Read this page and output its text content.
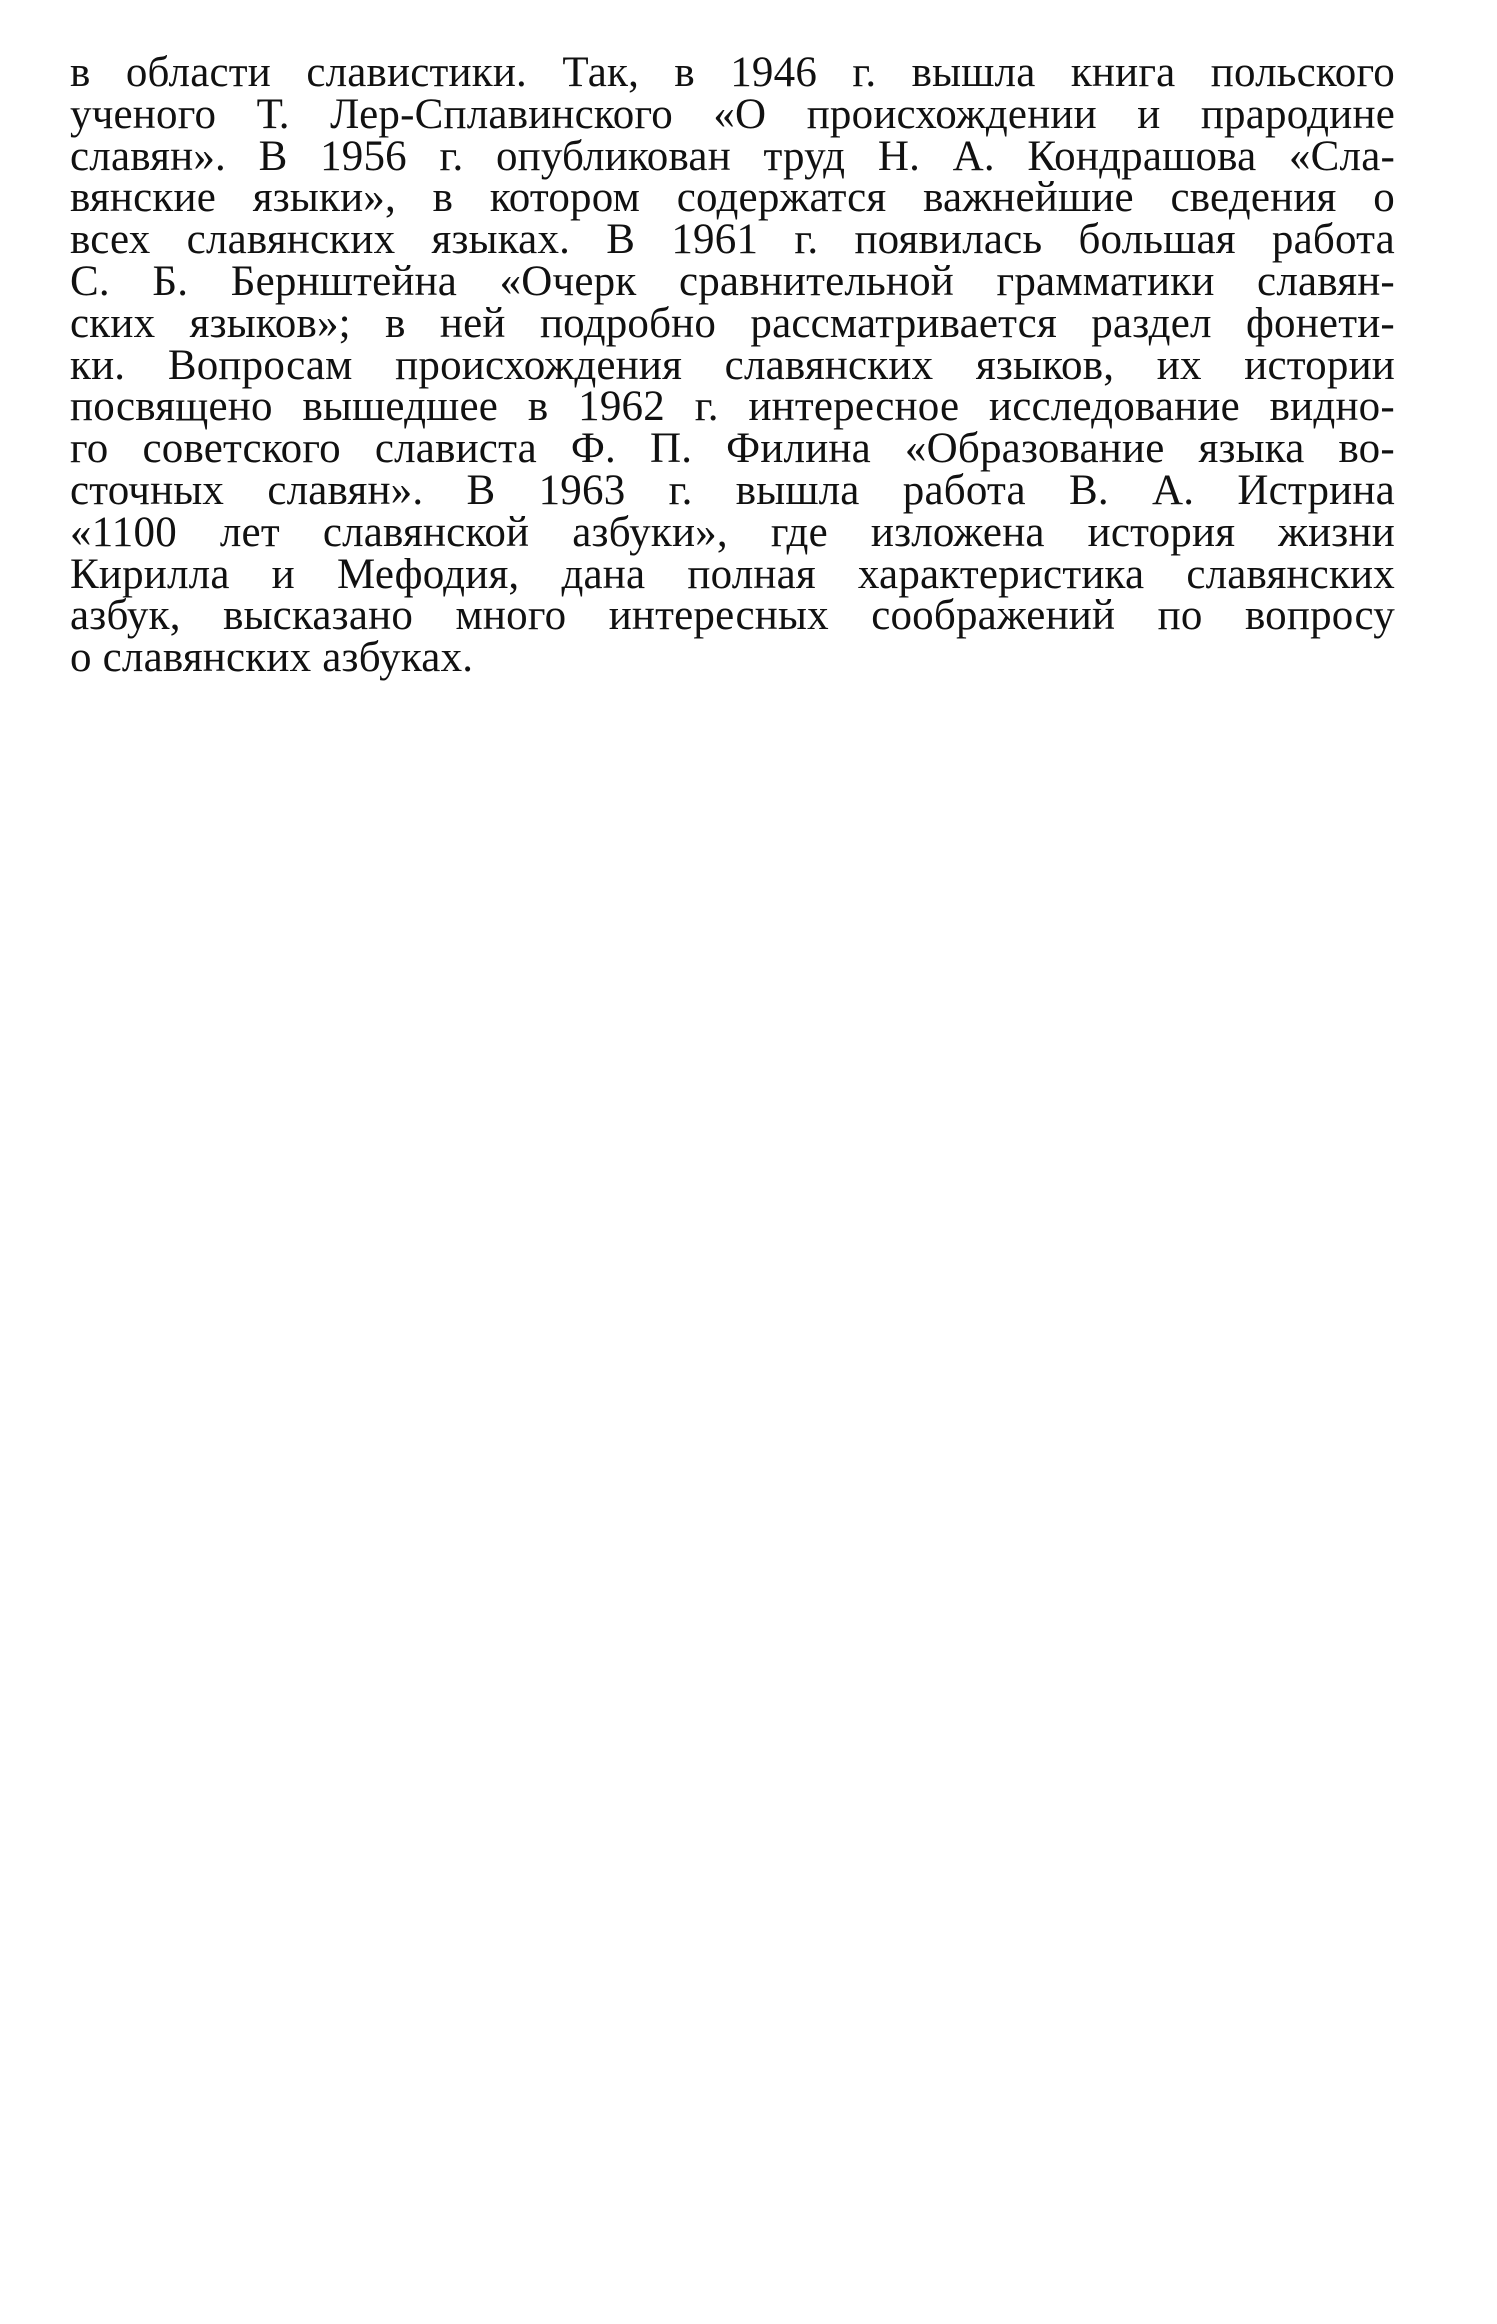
в области славистики. Так, в 1946 г. вышла книга польского
ученого Т. Лер-Сплавинского «О происхождении и прародине
славян». В 1956 г. опубликован труд Н. А. Кондрашова «Сла-
вянские языки», в котором содержатся важнейшие сведения о
всех славянских языках. В 1961 г. появилась большая работа
С. Б. Бернштейна «Очерк сравнительной грамматики славян-
ских языков»; в ней подробно рассматривается раздел фонети-
ки. Вопросам происхождения славянских языков, их истории
посвящено вышедшее в 1962 г. интересное исследование видно-
го советского слависта Ф. П. Филина «Образование языка во-
сточных славян». В 1963 г. вышла работа В. А. Истрина
«1100 лет славянской азбуки», где изложена история жизни
Кирилла и Мефодия, дана полная характеристика славянских
азбук, высказано много интересных соображений по вопросу
о славянских азбуках.
